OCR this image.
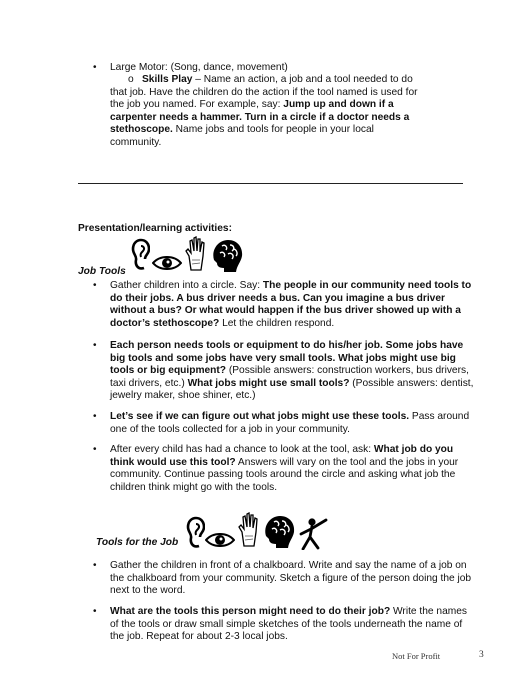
• Large Motor: (Song, dance, movement)
o Skills Play – Name an action, a job and a tool needed to do
that job. Have the children do the action if the tool named is used for
the job you named. For example, say: Jump up and down if a
carpenter needs a hammer. Turn in a circle if a doctor needs a
stethoscope. Name jobs and tools for people in your local
community.
Presentation/learning activities:
Job Tools
• Gather children into a circle. Say: The people in our community need tools to
do their jobs. A bus driver needs a bus. Can you imagine a bus driver
without a bus? Or what would happen if the bus driver showed up with a
doctor’s stethoscope? Let the children respond.
• Each person needs tools or equipment to do his/her job. Some jobs have
big tools and some jobs have very small tools. What jobs might use big
tools or big equipment? (Possible answers: construction workers, bus drivers,
taxi drivers, etc.) What jobs might use small tools? (Possible answers: dentist,
jewelry maker, shoe shiner, etc.)
• Let’s see if we can figure out what jobs might use these tools. Pass around
one of the tools collected for a job in your community.
• After every child has had a chance to look at the tool, ask: What job do you
think would use this tool? Answers will vary on the tool and the jobs in your
community. Continue passing tools around the circle and asking what job the
children think might go with the tools.
Tools for the Job
• Gather the children in front of a chalkboard. Write and say the name of a job on
the chalkboard from your community. Sketch a figure of the person doing the job
next to the word.
• What are the tools this person might need to do their job? Write the names
of the tools or draw small simple sketches of the tools underneath the name of
the job. Repeat for about 2-3 local jobs.
Not For Profit	3
